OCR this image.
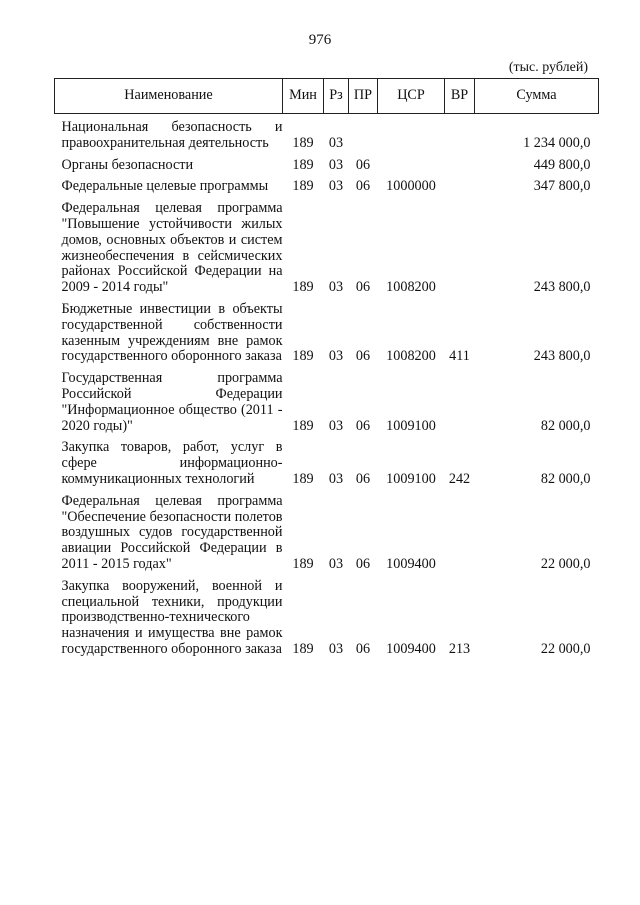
976
(тыс. рублей)
Наименование	Мин	Рз	ПР	ЦСР	ВР	Сумма

Национальная безопасность и правоохранительная деятельность	189	03				1 234 000,0
Органы безопасности	189	03	06			449 800,0
Федеральные целевые программы	189	03	06	1000000		347 800,0
Федеральная целевая программа "Повышение устойчивости жилых домов, основных объектов и систем жизнеобеспечения в сейсмических районах Российской Федерации на 2009 - 2014 годы"	189	03	06	1008200		243 800,0
Бюджетные инвестиции в объекты государственной собственности казенным учреждениям вне рамок государственного оборонного заказа	189	03	06	1008200	411	243 800,0
Государственная программа Российской Федерации "Информационное общество (2011 - 2020 годы)"	189	03	06	1009100		82 000,0
Закупка товаров, работ, услуг в сфере информационно-коммуникационных технологий	189	03	06	1009100	242	82 000,0
Федеральная целевая программа "Обеспечение безопасности полетов воздушных судов государственной авиации Российской Федерации в 2011 - 2015 годах"	189	03	06	1009400		22 000,0
Закупка вооружений, военной и специальной техники, продукции производственно-технического назначения и имущества вне рамок государственного оборонного заказа	189	03	06	1009400	213	22 000,0
